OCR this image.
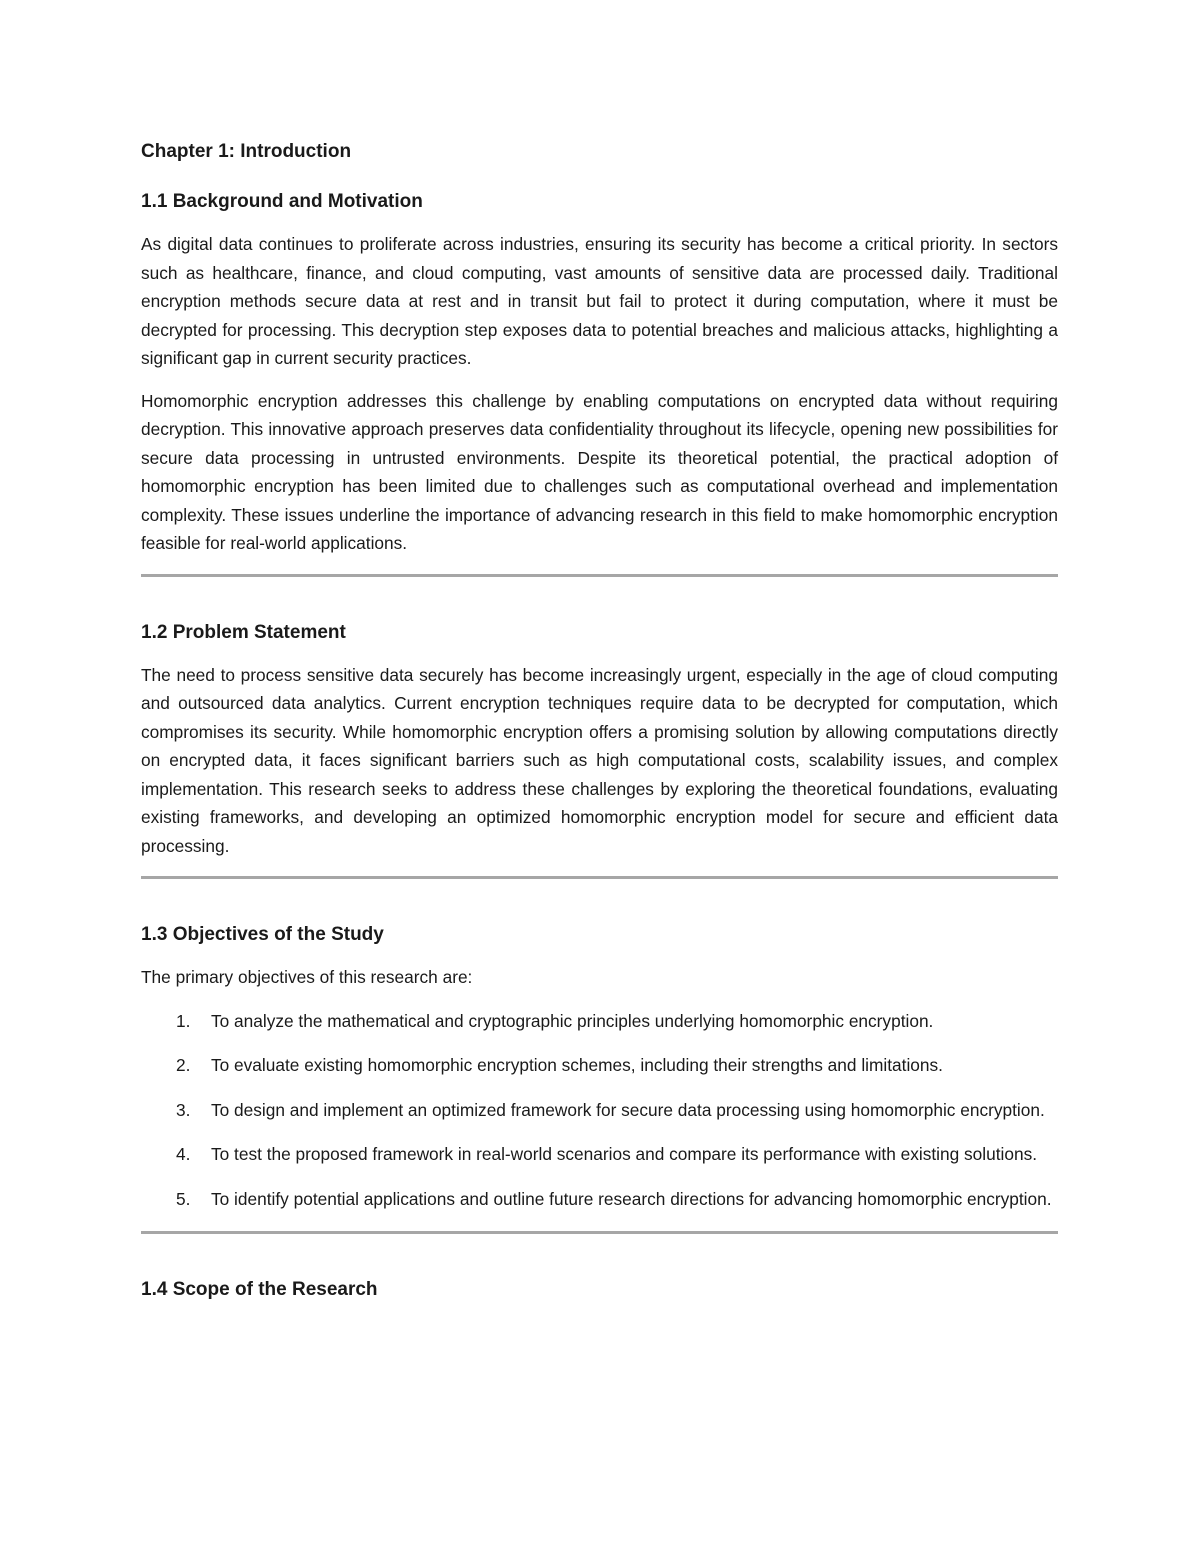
Chapter 1: Introduction
1.1 Background and Motivation

As digital data continues to proliferate across industries, ensuring its security has become a critical priority. In sectors such as healthcare, finance, and cloud computing, vast amounts of sensitive data are processed daily. Traditional encryption methods secure data at rest and in transit but fail to protect it during computation, where it must be decrypted for processing. This decryption step exposes data to potential breaches and malicious attacks, highlighting a significant gap in current security practices.

Homomorphic encryption addresses this challenge by enabling computations on encrypted data without requiring decryption. This innovative approach preserves data confidentiality throughout its lifecycle, opening new possibilities for secure data processing in untrusted environments. Despite its theoretical potential, the practical adoption of homomorphic encryption has been limited due to challenges such as computational overhead and implementation complexity. These issues underline the importance of advancing research in this field to make homomorphic encryption feasible for real-world applications.

1.2 Problem Statement

The need to process sensitive data securely has become increasingly urgent, especially in the age of cloud computing and outsourced data analytics. Current encryption techniques require data to be decrypted for computation, which compromises its security. While homomorphic encryption offers a promising solution by allowing computations directly on encrypted data, it faces significant barriers such as high computational costs, scalability issues, and complex implementation. This research seeks to address these challenges by exploring the theoretical foundations, evaluating existing frameworks, and developing an optimized homomorphic encryption model for secure and efficient data processing.

1.3 Objectives of the Study

The primary objectives of this research are:

1. To analyze the mathematical and cryptographic principles underlying homomorphic encryption.
2. To evaluate existing homomorphic encryption schemes, including their strengths and limitations.
3. To design and implement an optimized framework for secure data processing using homomorphic encryption.
4. To test the proposed framework in real-world scenarios and compare its performance with existing solutions.
5. To identify potential applications and outline future research directions for advancing homomorphic encryption.
1.4 Scope of the Research
